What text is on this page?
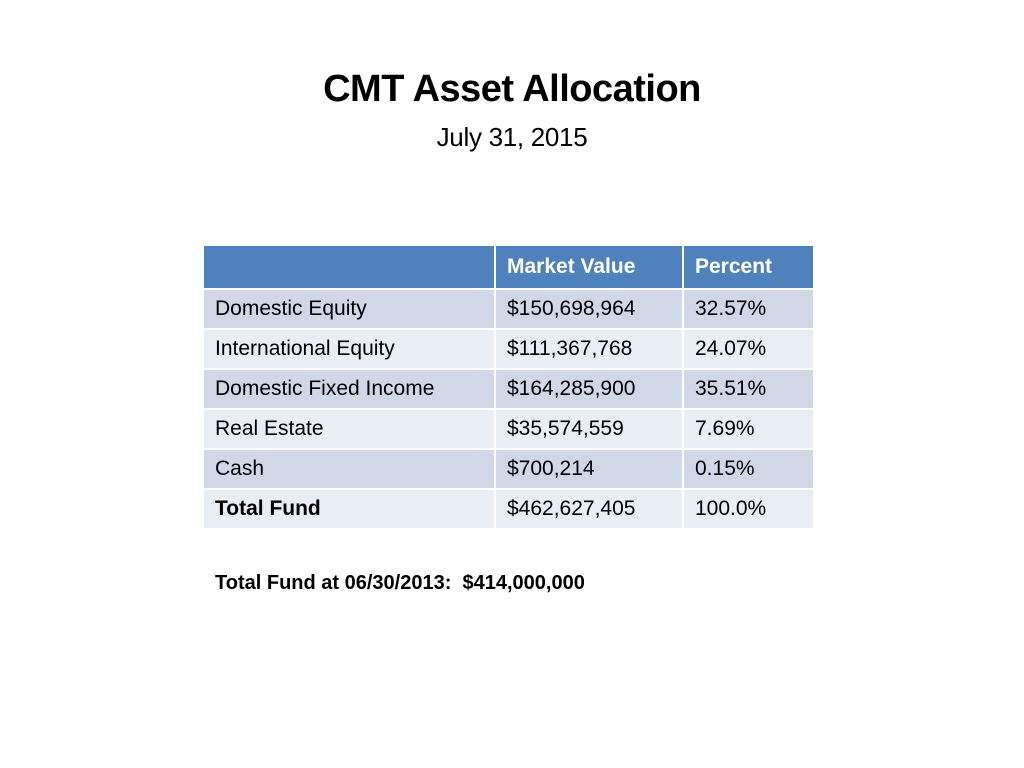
CMT Asset Allocation
July 31, 2015
	Market Value	Percent
Domestic Equity	$150,698,964	32.57%
International Equity	$111,367,768	24.07%
Domestic Fixed Income	$164,285,900	35.51%
Real Estate	$35,574,559	7.69%
Cash	$700,214	0.15%
Total Fund	$462,627,405	100.0%
Total Fund at 06/30/2013: $414,000,000
